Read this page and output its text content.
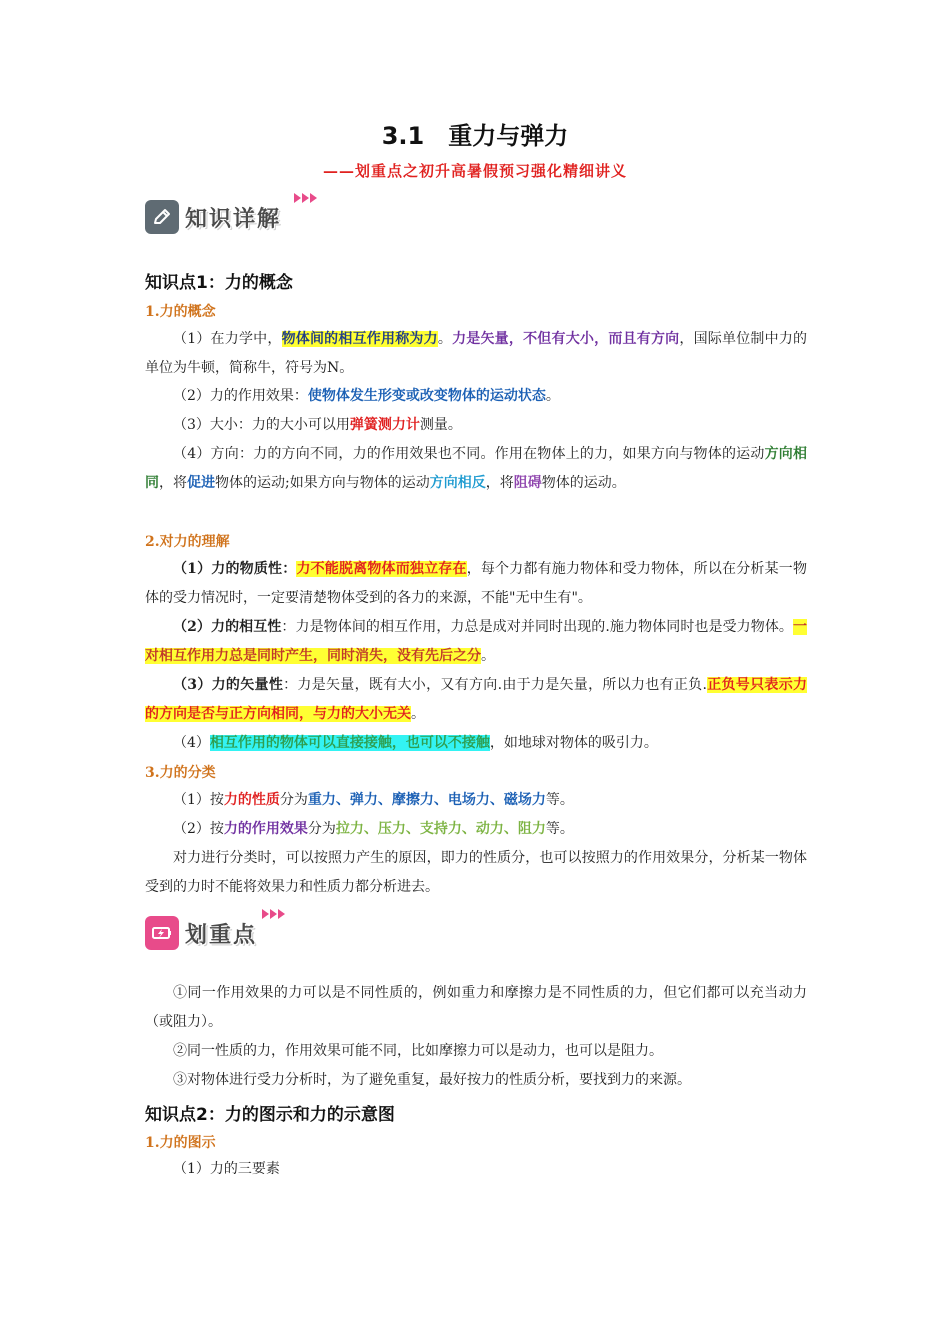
3.1　重力与弹力
——划重点之初升高暑假预习强化精细讲义
知识详解
知识点1：力的概念
1.力的概念
（1）在力学中，物体间的相互作用称为力。力是矢量，不但有大小，而且有方向，国际单位制中力的单位为牛顿，简称牛，符号为N。
（2）力的作用效果：使物体发生形变或改变物体的运动状态。
（3）大小：力的大小可以用弹簧测力计测量。
（4）方向：力的方向不同，力的作用效果也不同。作用在物体上的力，如果方向与物体的运动方向相同，将促进物体的运动;如果方向与物体的运动方向相反，将阻碍物体的运动。
2.对力的理解
（1）力的物质性：力不能脱离物体而独立存在，每个力都有施力物体和受力物体，所以在分析某一物体的受力情况时，一定要清楚物体受到的各力的来源，不能"无中生有"。
（2）力的相互性：力是物体间的相互作用，力总是成对并同时出现的.施力物体同时也是受力物体。一对相互作用力总是同时产生，同时消失，没有先后之分。
（3）力的矢量性：力是矢量，既有大小，又有方向.由于力是矢量，所以力也有正负.正负号只表示力的方向是否与正方向相同，与力的大小无关。
（4）相互作用的物体可以直接接触，也可以不接触，如地球对物体的吸引力。
3.力的分类
（1）按力的性质分为重力、弹力、摩擦力、电场力、磁场力等。
（2）按力的作用效果分为拉力、压力、支持力、动力、阻力等。
对力进行分类时，可以按照力产生的原因，即力的性质分，也可以按照力的作用效果分，分析某一物体受到的力时不能将效果力和性质力都分析进去。
划重点
①同一作用效果的力可以是不同性质的，例如重力和摩擦力是不同性质的力，但它们都可以充当动力（或阻力）。
②同一性质的力，作用效果可能不同，比如摩擦力可以是动力，也可以是阻力。
③对物体进行受力分析时，为了避免重复，最好按力的性质分析，要找到力的来源。
知识点2：力的图示和力的示意图
1.力的图示
（1）力的三要素
